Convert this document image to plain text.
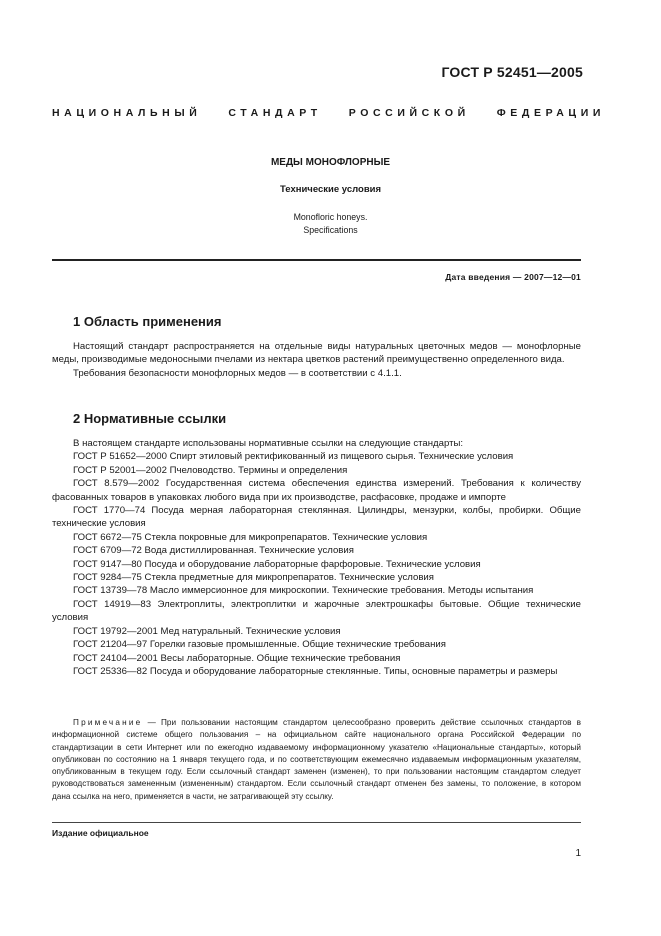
ГОСТ Р 52451—2005
НАЦИОНАЛЬНЫЙ СТАНДАРТ РОССИЙСКОЙ ФЕДЕРАЦИИ
МЕДЫ МОНОФЛОРНЫЕ
Технические условия
Monofloric honeys.
Specifications
Дата введения — 2007—12—01
1 Область применения

Настоящий стандарт распространяется на отдельные виды натуральных цветочных медов — монофлорные меды, производимые медоносными пчелами из нектара цветков растений преимущественно определенного вида.

Требования безопасности монофлорных медов — в соответствии с 4.1.1.

2 Нормативные ссылки

В настоящем стандарте использованы нормативные ссылки на следующие стандарты:

ГОСТ Р 51652—2000 Спирт этиловый ректификованный из пищевого сырья. Технические условия

ГОСТ Р 52001—2002 Пчеловодство. Термины и определения

ГОСТ 8.579—2002 Государственная система обеспечения единства измерений. Требования к количеству фасованных товаров в упаковках любого вида при их производстве, расфасовке, продаже и импорте

ГОСТ 1770—74 Посуда мерная лабораторная стеклянная. Цилиндры, мензурки, колбы, пробирки. Общие технические условия

ГОСТ 6672—75 Стекла покровные для микропрепаратов. Технические условия

ГОСТ 6709—72 Вода дистиллированная. Технические условия

ГОСТ 9147—80 Посуда и оборудование лабораторные фарфоровые. Технические условия

ГОСТ 9284—75 Стекла предметные для микропрепаратов. Технические условия

ГОСТ 13739—78 Масло иммерсионное для микроскопии. Технические требования. Методы испытания

ГОСТ 14919—83 Электроплиты, электроплитки и жарочные электрошкафы бытовые. Общие технические условия

ГОСТ 19792—2001 Мед натуральный. Технические условия

ГОСТ 21204—97 Горелки газовые промышленные. Общие технические требования

ГОСТ 24104—2001 Весы лабораторные. Общие технические требования

ГОСТ 25336—82 Посуда и оборудование лабораторные стеклянные. Типы, основные параметры и размеры

Примечание — При пользовании настоящим стандартом целесообразно проверить действие ссылочных стандартов в информационной системе общего пользования – на официальном сайте национального органа Российской Федерации по стандартизации в сети Интернет или по ежегодно издаваемому информационному указателю «Национальные стандарты», который опубликован по состоянию на 1 января текущего года, и по соответствующим ежемесячно издаваемым информационным указателям, опубликованным в текущем году. Если ссылочный стандарт заменен (изменен), то при пользовании настоящим стандартом следует руководствоваться замененным (измененным) стандартом. Если ссылочный стандарт отменен без замены, то положение, в котором дана ссылка на него, применяется в части, не затрагивающей эту ссылку.

Издание официальное
1
